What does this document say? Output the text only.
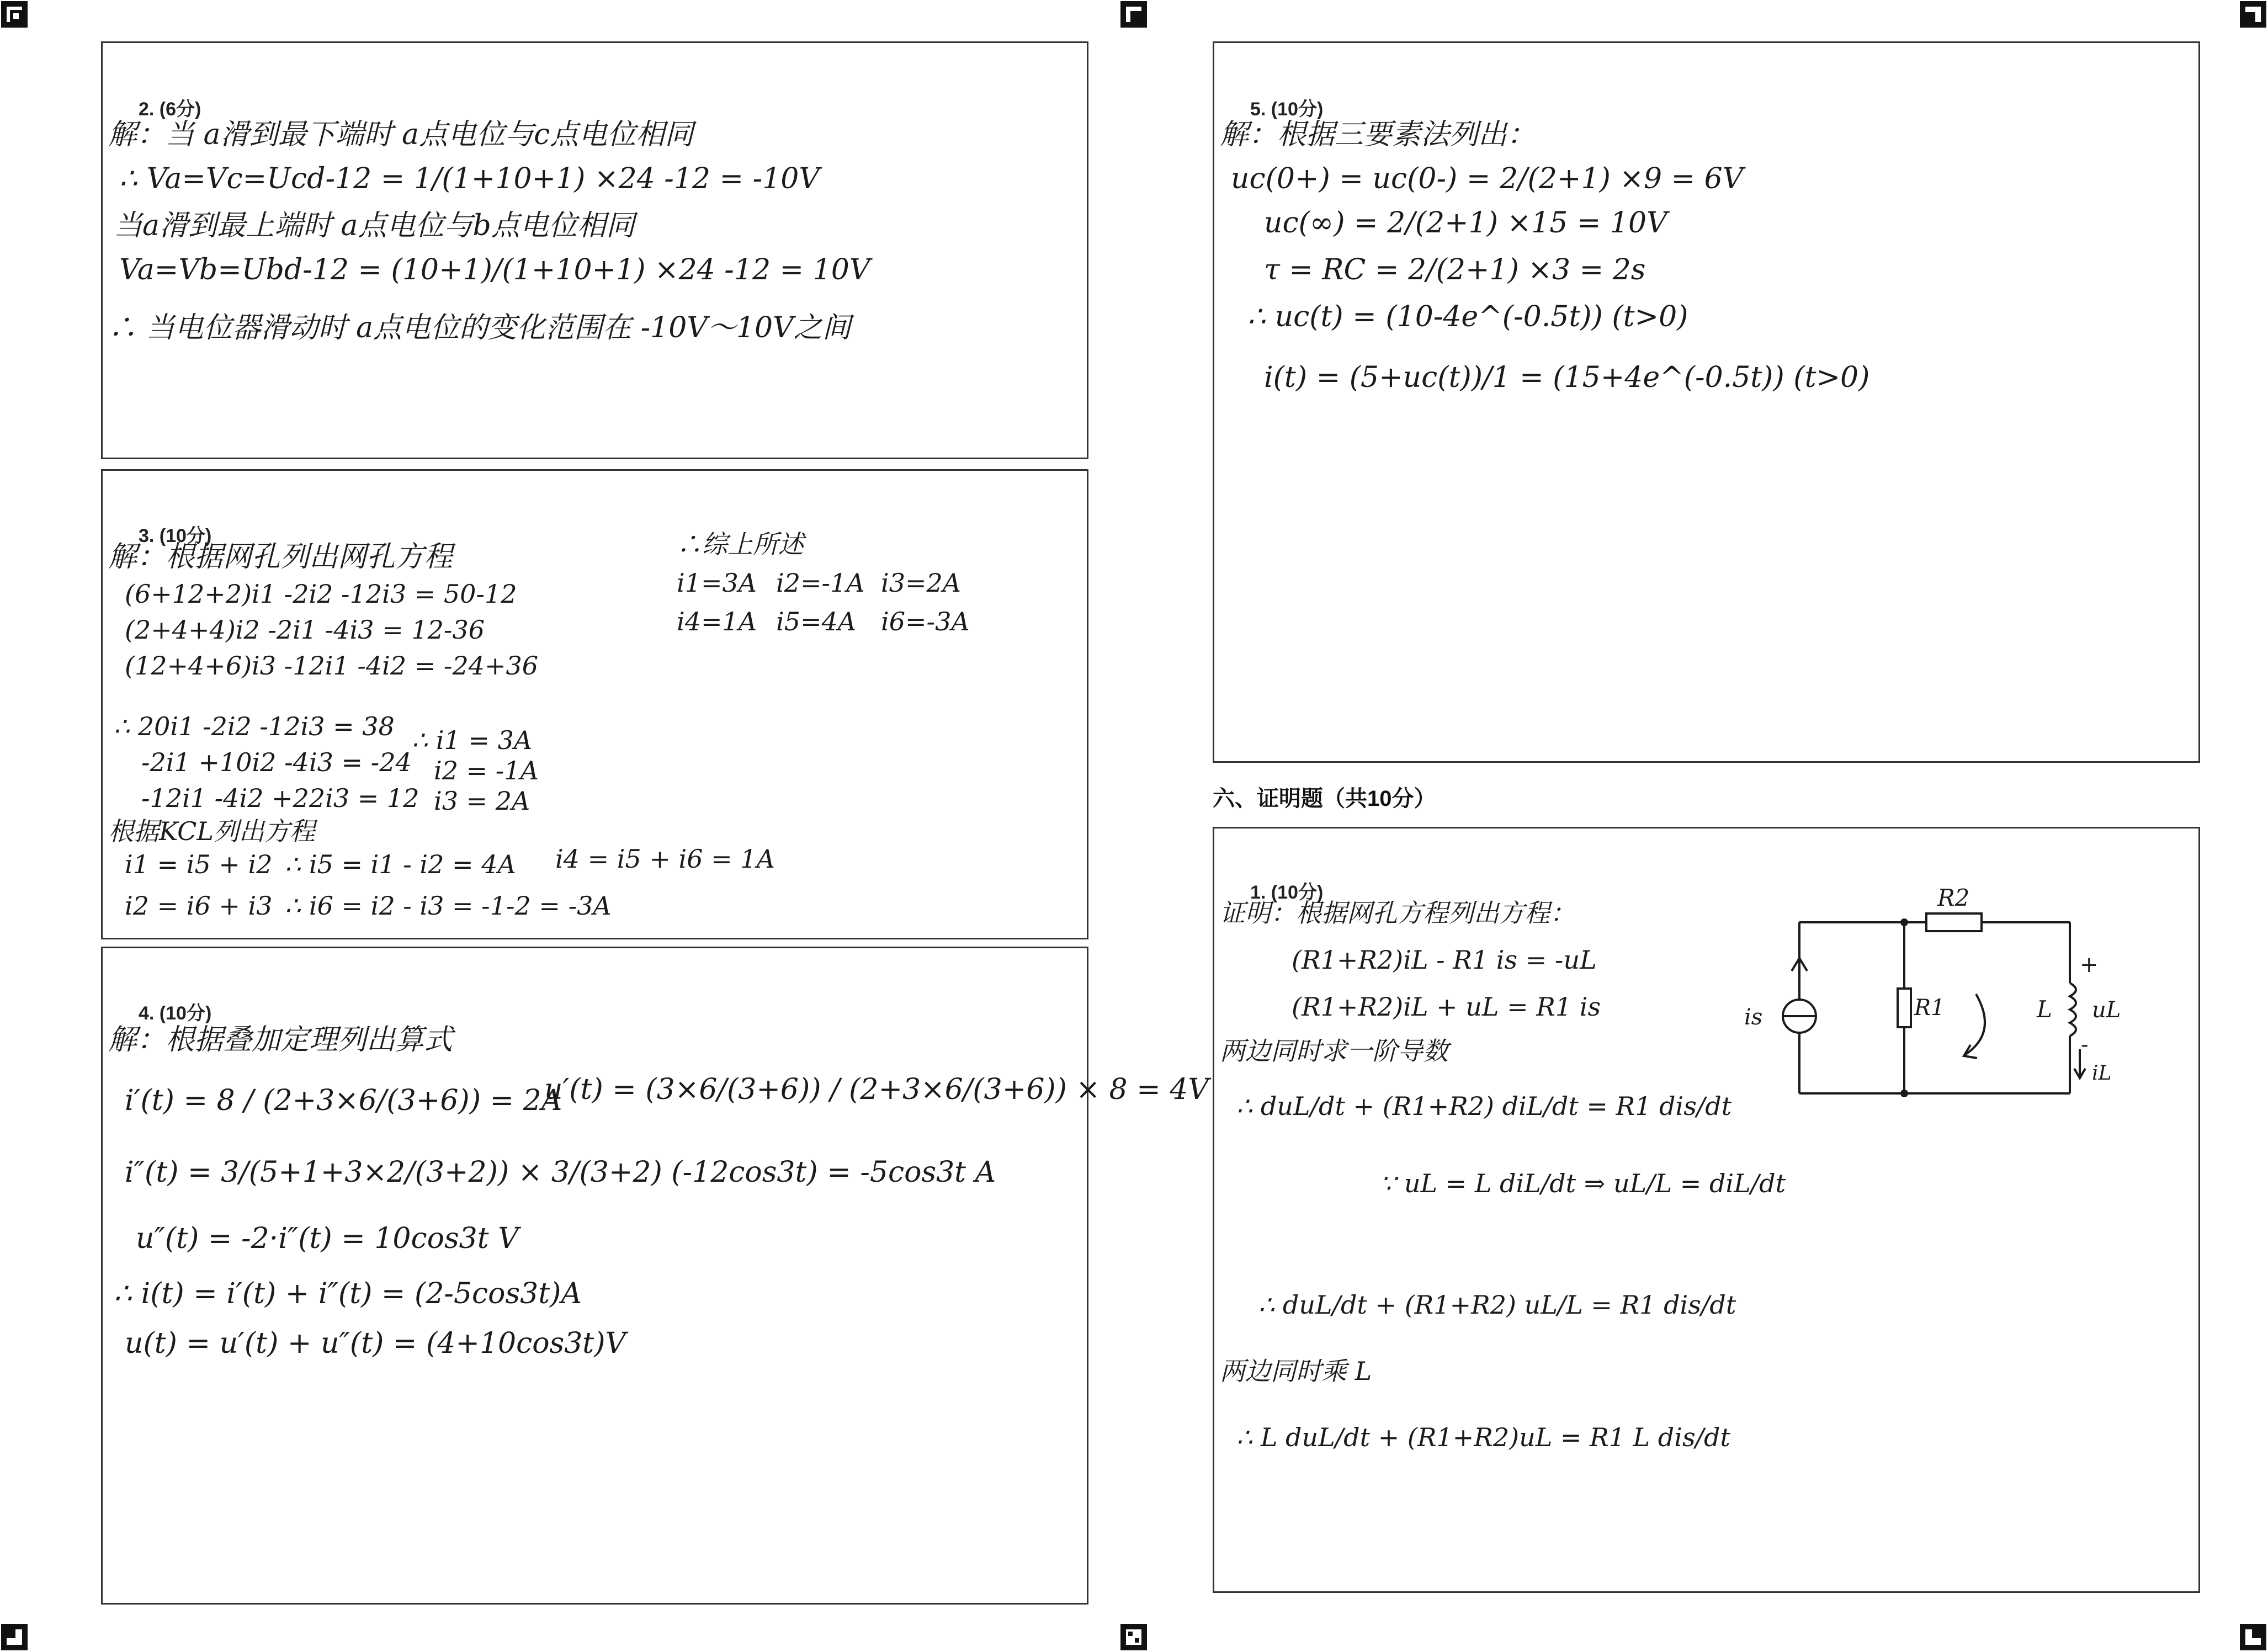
2. (6分)
解：当 a滑到最下端时 a点电位与c点电位相同
∴ Va=Vc=Ucd-12 = 1/(1+10+1) ×24 -12 = -10V
当a滑到最上端时 a点电位与b点电位相同
Va=Vb=Ubd-12 = (10+1)/(1+10+1) ×24 -12 = 10V
∴ 当电位器滑动时 a点电位的变化范围在 -10V～10V之间
3. (10分)
解：根据网孔列出网孔方程
(6+12+2)i1 -2i2 -12i3 = 50-12
(2+4+4)i2 -2i1 -4i3 = 12-36
(12+4+6)i3 -12i1 -4i2 = -24+36
∴ 20i1 -2i2 -12i3 = 38
-2i1 +10i2 -4i3 = -24
-12i1 -4i2 +22i3 = 12
∴ i1 = 3A
i2 = -1A
i3 = 2A
根据KCL列出方程
i1 = i5 + i2 ∴ i5 = i1 - i2 = 4A i4 = i5 + i6 = 1A
i2 = i6 + i3 ∴ i6 = i2 - i3 = -1-2 = -3A
∴综上所述
i1=3A i2=-1A i3=2A
i4=1A i5=4A i6=-3A
4. (10分)
解：根据叠加定理列出算式
i′(t) = 8 / (2+3×6/(3+6)) = 2A
u′(t) = (3×6/(3+6)) / (2+3×6/(3+6)) × 8 = 4V
i″(t) = 3/(5+1+3×2/(3+2)) × 3/(3+2) (-12cos3t) = -5cos3t A
u″(t) = -2·i″(t) = 10cos3t V
∴ i(t) = i′(t) + i″(t) = (2-5cos3t)A
u(t) = u′(t) + u″(t) = (4+10cos3t)V
5. (10分)
解：根据三要素法列出：
uc(0+) = uc(0-) = 2/(2+1) ×9 = 6V
uc(∞) = 2/(2+1) ×15 = 10V
τ = RC = 2/(2+1) ×3 = 2s
∴ uc(t) = (10-4e^(-0.5t)) (t>0)
i(t) = (5+uc(t))/1 = (15+4e^(-0.5t)) (t>0)
六、证明题（共10分）
1. (10分)
证明：根据网孔方程列出方程：
(R1+R2)iL - R1 is = -uL
(R1+R2)iL + uL = R1 is
两边同时求一阶导数
∴ duL/dt + (R1+R2) diL/dt = R1 dis/dt
∵ uL = L diL/dt ⇒ uL/L = diL/dt
∴ duL/dt + (R1+R2) uL/L = R1 dis/dt
两边同时乘 L
∴ L duL/dt + (R1+R2)uL = R1 L dis/dt
R2
R1
is	L uL
iL
+
-
